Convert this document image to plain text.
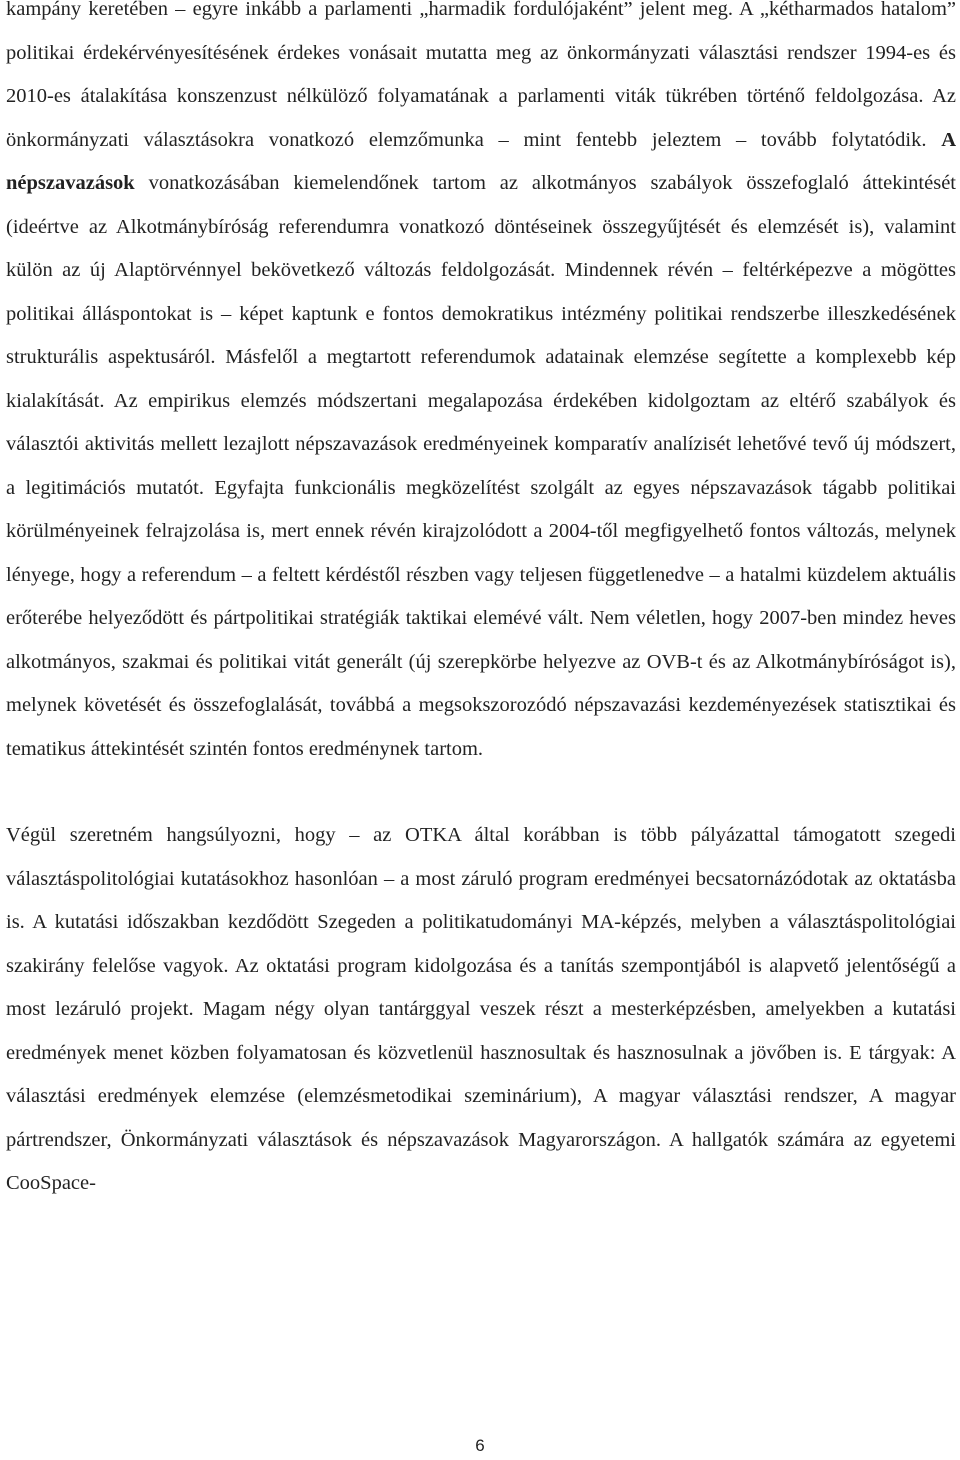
kampány keretében – egyre inkább a parlamenti „harmadik fordulójaként” jelent meg. A „kétharmados hatalom” politikai érdekérvényesítésének érdekes vonásait mutatta meg az önkormányzati választási rendszer 1994-es és 2010-es átalakítása konszenzust nélkülöző folyamatának a parlamenti viták tükrében történő feldolgozása. Az önkormányzati választásokra vonatkozó elemzőmunka – mint fentebb jeleztem – tovább folytatódik. A népszavazások vonatkozásában kiemelendőnek tartom az alkotmányos szabályok összefoglaló áttekintését (ideértve az Alkotmánybíróság referendumra vonatkozó döntéseinek összegyűjtését és elemzését is), valamint külön az új Alaptörvénnyel bekövetkező változás feldolgozását. Mindennek révén – feltérképezve a mögöttes politikai álláspontokat is – képet kaptunk e fontos demokratikus intézmény politikai rendszerbe illeszkedésének strukturális aspektusáról. Másfelől a megtartott referendumok adatainak elemzése segítette a komplexebb kép kialakítását. Az empirikus elemzés módszertani megalapozása érdekében kidolgoztam az eltérő szabályok és választói aktivitás mellett lezajlott népszavazások eredményeinek komparatív analízisét lehetővé tevő új módszert, a legitimációs mutatót. Egyfajta funkcionális megközelítést szolgált az egyes népszavazások tágabb politikai körülményeinek felrajzolása is, mert ennek révén kirajzolódott a 2004-től megfigyelhető fontos változás, melynek lényege, hogy a referendum – a feltett kérdéstől részben vagy teljesen függetlenedve – a hatalmi küzdelem aktuális erőterébe helyeződött és pártpolitikai stratégiák taktikai elemévé vált. Nem véletlen, hogy 2007-ben mindez heves alkotmányos, szakmai és politikai vitát generált (új szerepkörbe helyezve az OVB-t és az Alkotmánybíróságot is), melynek követését és összefoglalását, továbbá a megsokszorozódó népszavazási kezdeményezések statisztikai és tematikus áttekintését szintén fontos eredménynek tartom.

Végül szeretném hangsúlyozni, hogy – az OTKA által korábban is több pályázattal támogatott szegedi választáspolitológiai kutatásokhoz hasonlóan – a most záruló program eredményei becsatornázódotak az oktatásba is. A kutatási időszakban kezdődött Szegeden a politikatudományi MA-képzés, melyben a választáspolitológiai szakirány felelőse vagyok. Az oktatási program kidolgozása és a tanítás szempontjából is alapvető jelentőségű a most lezáruló projekt. Magam négy olyan tantárggyal veszek részt a mesterképzésben, amelyekben a kutatási eredmények menet közben folyamatosan és közvetlenül hasznosultak és hasznosulnak a jövőben is. E tárgyak: A választási eredmények elemzése (elemzésmetodikai szeminárium), A magyar választási rendszer, A magyar pártrendszer, Önkormányzati választások és népszavazások Magyarországon. A hallgatók számára az egyetemi CooSpace-

6
